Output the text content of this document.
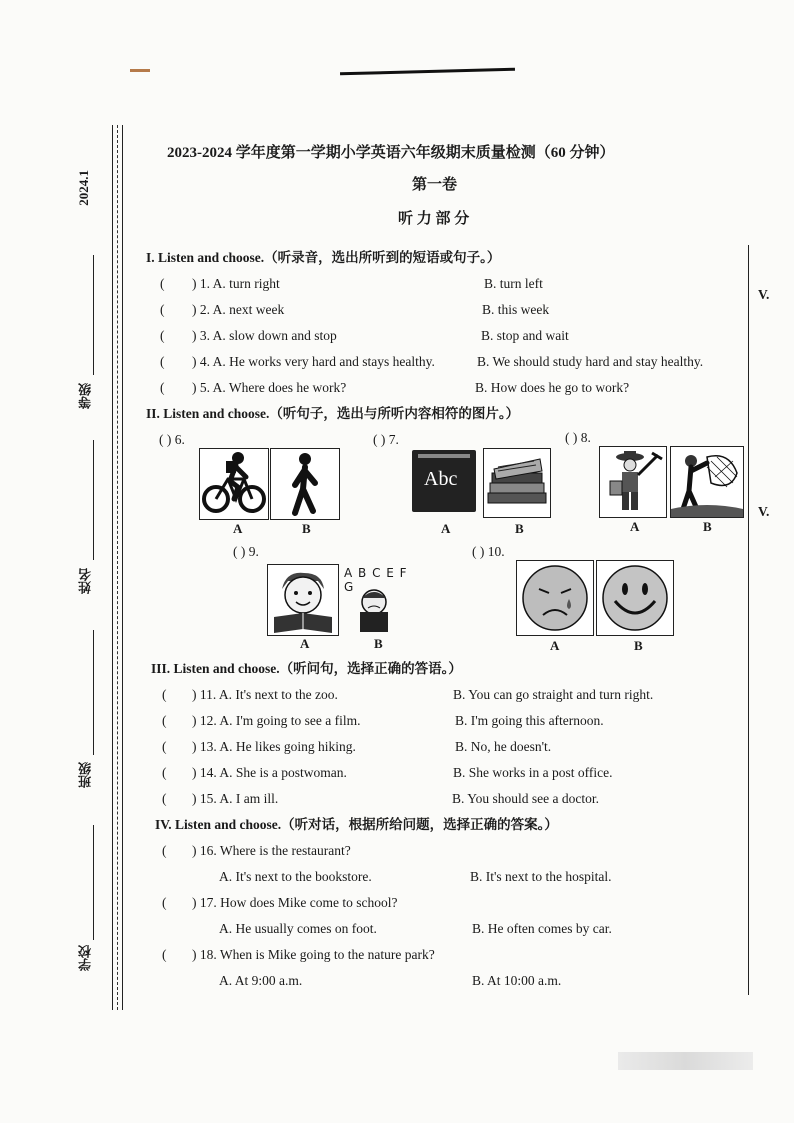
2024.1
等级
姓名
班级
学校
V.
V.
2023-2024 学年度第一学期小学英语六年级期末质量检测（60 分钟）
第一卷
听 力 部 分
I. Listen and choose.（听录音，选出所听到的短语或句子。）
( ) 1. A. turn right	B. turn left
( ) 2. A. next week	B. this week
( ) 3. A. slow down and stop	B. stop and wait
( ) 4. A. He works very hard and stays healthy.	B. We should study hard and stay healthy.
( ) 5. A. Where does he work?	B. How does he go to work?
II. Listen and choose.（听句子，选出与所听内容相符的图片。）
( ) 6.	( ) 7.	( ) 8.
A	B
Abc
A	B	A	B
( ) 9.	( ) 10.
A B C E F G
A	B	A	B
III. Listen and choose.（听问句，选择正确的答语。）
( ) 11. A. It's next to the zoo.	B. You can go straight and turn right.
( ) 12. A. I'm going to see a film.	B. I'm going this afternoon.
( ) 13. A. He likes going hiking.	B. No, he doesn't.
( ) 14. A. She is a postwoman.	B. She works in a post office.
( ) 15. A. I am ill.	B. You should see a doctor.
IV. Listen and choose.（听对话，根据所给问题，选择正确的答案。）
( ) 16. Where is the restaurant?
A. It's next to the bookstore.	B. It's next to the hospital.
( ) 17. How does Mike come to school?
A. He usually comes on foot.	B. He often comes by car.
( ) 18. When is Mike going to the nature park?
A. At 9:00 a.m.	B. At 10:00 a.m.
